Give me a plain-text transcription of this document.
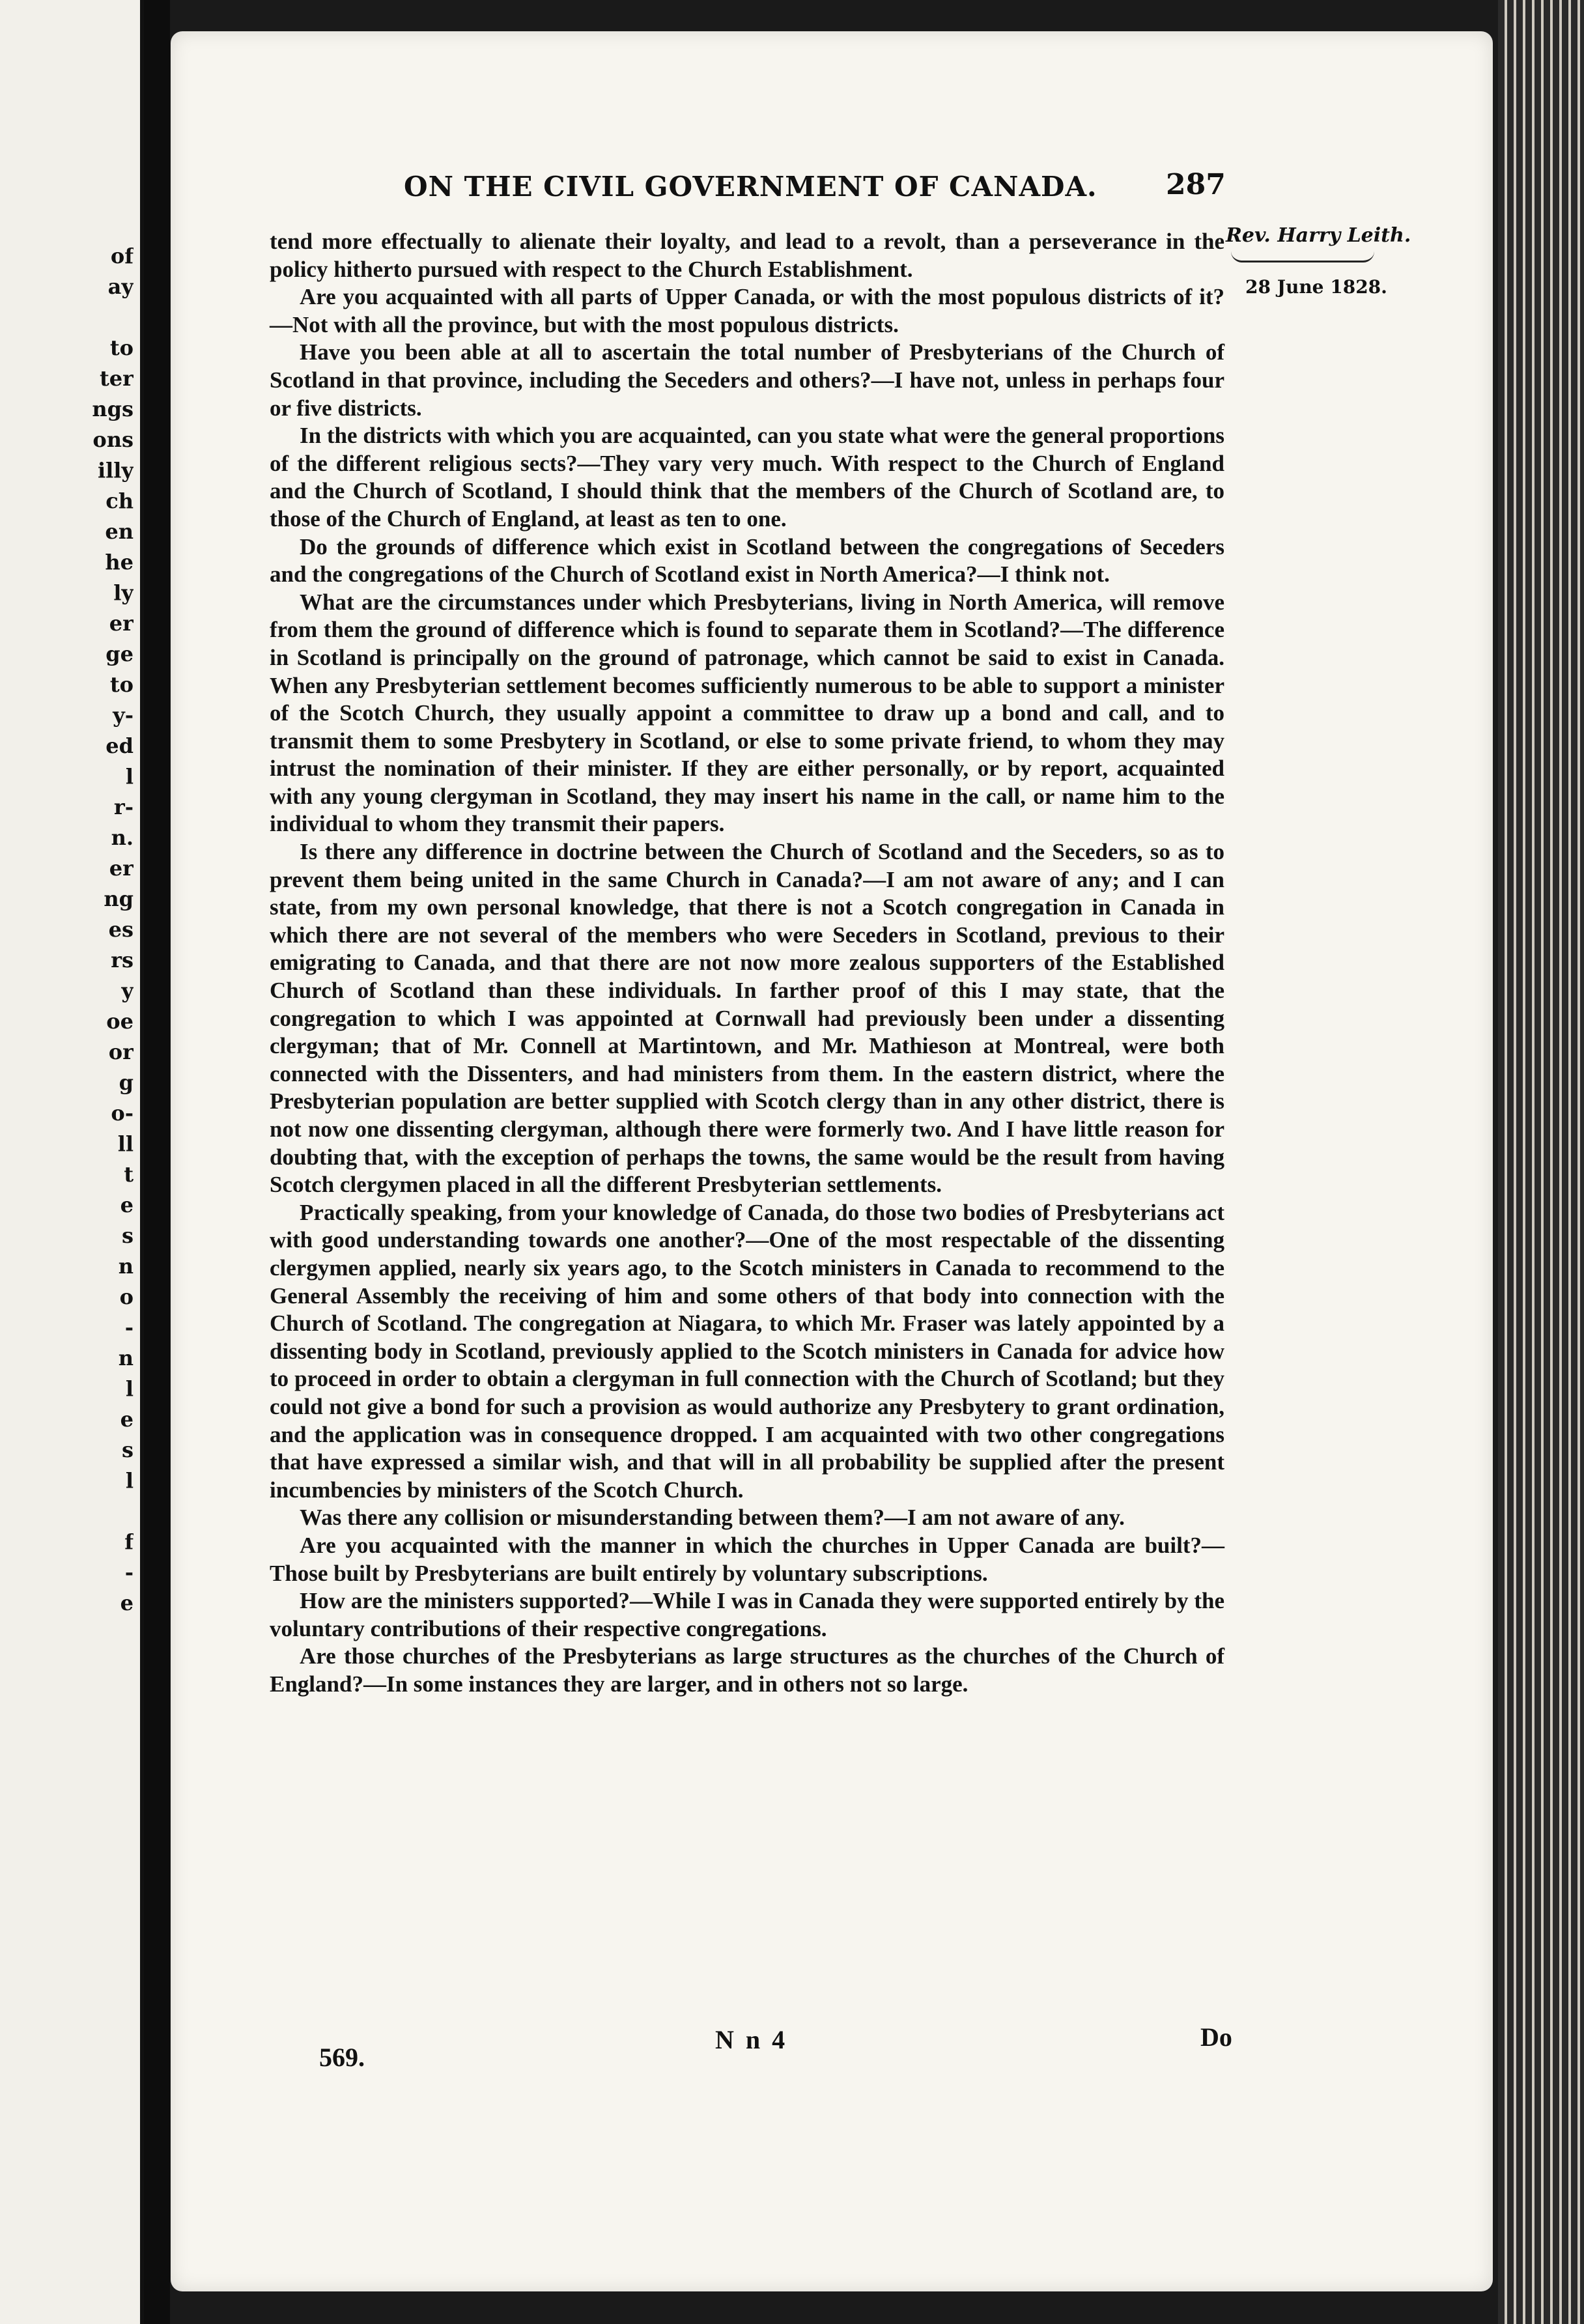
of
ay
to
ter
ngs
ons
illy
ch
en
he
ly
er
ge
to
y-
ed
l
r-
n.
er
ng
es
rs
y
oe
or
g
o-
ll
t
e
s
n
o
-
n
l
e
s
l
f
-
e
ON THE CIVIL GOVERNMENT OF CANADA.	287
Rev. Harry Leith.
28 June 1828.

tend more effectually to alienate their loyalty, and lead to a revolt, than a perseverance in the policy hitherto pursued with respect to the Church Establishment.

Are you acquainted with all parts of Upper Canada, or with the most populous districts of it?—Not with all the province, but with the most populous districts.

Have you been able at all to ascertain the total number of Presbyterians of the Church of Scotland in that province, including the Seceders and others?—I have not, unless in perhaps four or five districts.

In the districts with which you are acquainted, can you state what were the general proportions of the different religious sects?—They vary very much. With respect to the Church of England and the Church of Scotland, I should think that the members of the Church of Scotland are, to those of the Church of England, at least as ten to one.

Do the grounds of difference which exist in Scotland between the congregations of Seceders and the congregations of the Church of Scotland exist in North America?—I think not.

What are the circumstances under which Presbyterians, living in North America, will remove from them the ground of difference which is found to separate them in Scotland?—The difference in Scotland is principally on the ground of patronage, which cannot be said to exist in Canada. When any Presbyterian settlement becomes sufficiently numerous to be able to support a minister of the Scotch Church, they usually appoint a committee to draw up a bond and call, and to transmit them to some Presbytery in Scotland, or else to some private friend, to whom they may intrust the nomination of their minister. If they are either personally, or by report, acquainted with any young clergyman in Scotland, they may insert his name in the call, or name him to the individual to whom they transmit their papers.

Is there any difference in doctrine between the Church of Scotland and the Seceders, so as to prevent them being united in the same Church in Canada?—I am not aware of any; and I can state, from my own personal knowledge, that there is not a Scotch congregation in Canada in which there are not several of the members who were Seceders in Scotland, previous to their emigrating to Canada, and that there are not now more zealous supporters of the Established Church of Scotland than these individuals. In farther proof of this I may state, that the congregation to which I was appointed at Cornwall had previously been under a dissenting clergyman; that of Mr. Connell at Martintown, and Mr. Mathieson at Montreal, were both connected with the Dissenters, and had ministers from them. In the eastern district, where the Presbyterian population are better supplied with Scotch clergy than in any other district, there is not now one dissenting clergyman, although there were formerly two. And I have little reason for doubting that, with the exception of perhaps the towns, the same would be the result from having Scotch clergymen placed in all the different Presbyterian settlements.

Practically speaking, from your knowledge of Canada, do those two bodies of Presbyterians act with good understanding towards one another?—One of the most respectable of the dissenting clergymen applied, nearly six years ago, to the Scotch ministers in Canada to recommend to the General Assembly the receiving of him and some others of that body into connection with the Church of Scotland. The congregation at Niagara, to which Mr. Fraser was lately appointed by a dissenting body in Scotland, previously applied to the Scotch ministers in Canada for advice how to proceed in order to obtain a clergyman in full connection with the Church of Scotland; but they could not give a bond for such a provision as would authorize any Presbytery to grant ordination, and the application was in consequence dropped. I am acquainted with two other congregations that have expressed a similar wish, and that will in all probability be supplied after the present incumbencies by ministers of the Scotch Church.

Was there any collision or misunderstanding between them?—I am not aware of any.

Are you acquainted with the manner in which the churches in Upper Canada are built?—Those built by Presbyterians are built entirely by voluntary subscriptions.

How are the ministers supported?—While I was in Canada they were supported entirely by the voluntary contributions of their respective congregations.

Are those churches of the Presbyterians as large structures as the churches of the Church of England?—In some instances they are larger, and in others not so large.

569.
N n 4	Do
